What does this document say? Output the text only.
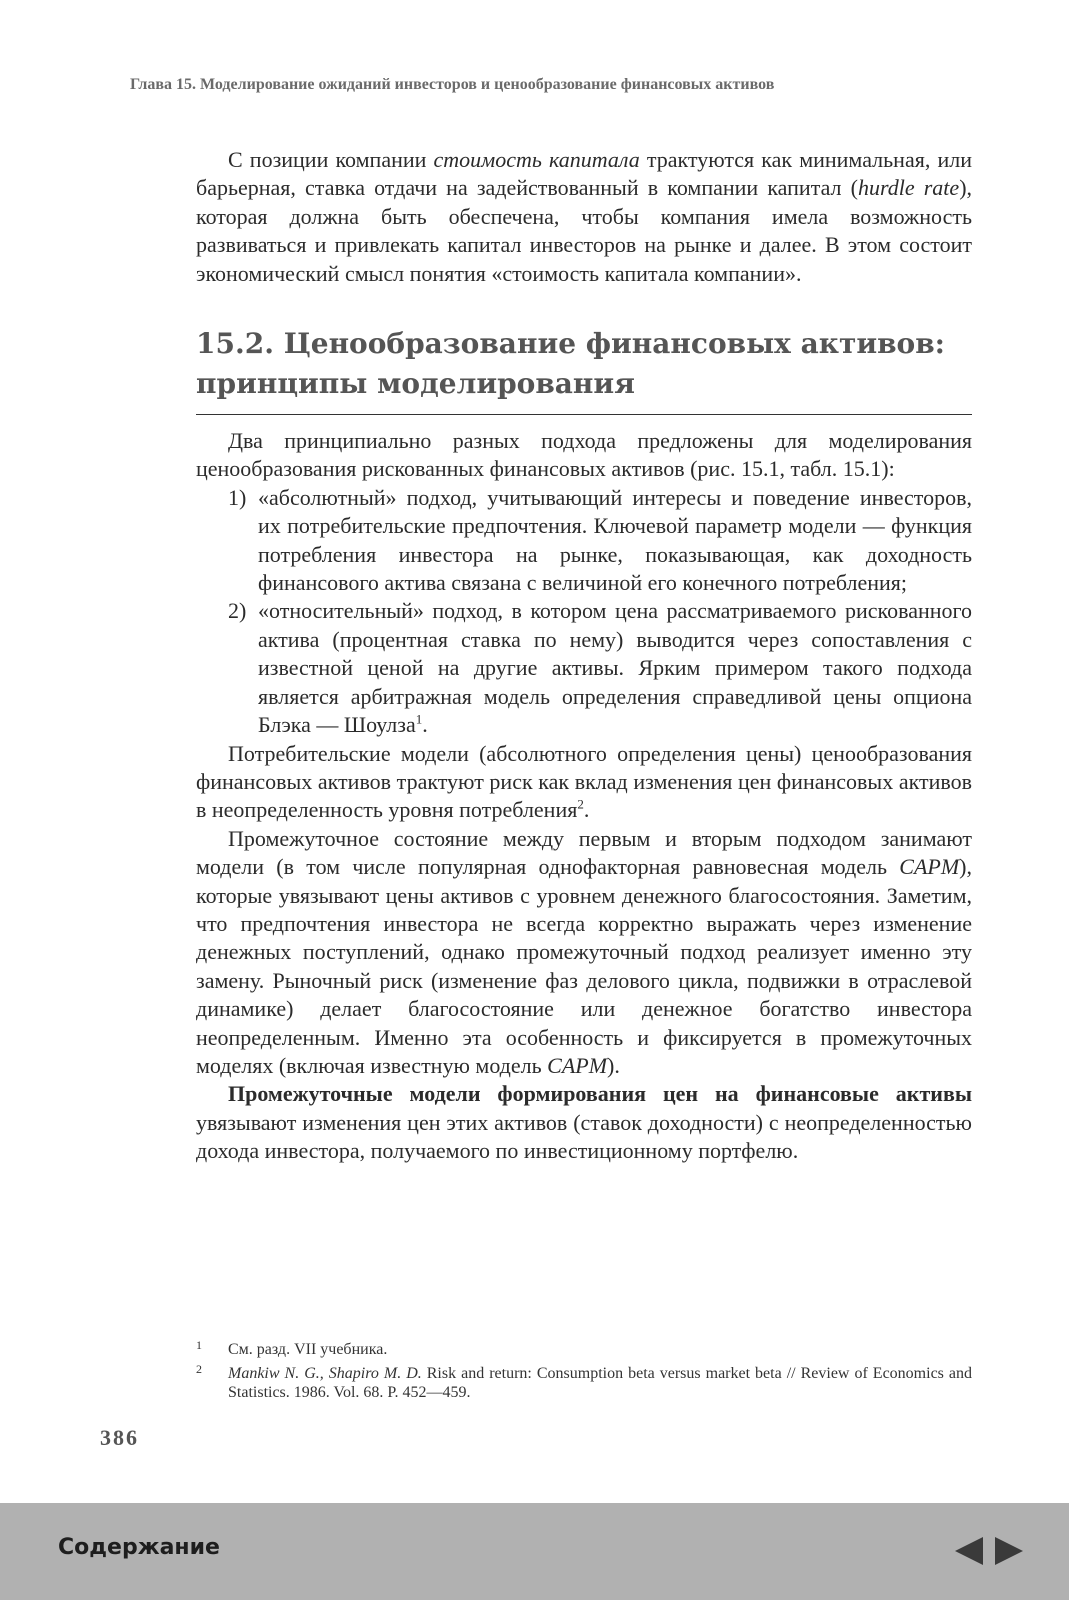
Глава 15. Моделирование ожиданий инвесторов и ценообразование финансовых активов

С позиции компании стоимость капитала трактуются как минимальная, или барьерная, ставка отдачи на задействованный в компании капитал (hurdle rate), которая должна быть обеспечена, чтобы компания имела возможность развиваться и привлекать капитал инвесторов на рынке и далее. В этом состоит экономический смысл понятия «стоимость капитала компании».

15.2. Ценообразование финансовых активов:
принципы моделирования

Два принципиально разных подхода предложены для моделирования ценообразования рискованных финансовых активов (рис. 15.1, табл. 15.1):

1) «абсолютный» подход, учитывающий интересы и поведение инвесторов, их потребительские предпочтения. Ключевой параметр модели — функция потребления инвестора на рынке, показывающая, как доходность финансового актива связана с величиной его конечного потребления;
2) «относительный» подход, в котором цена рассматриваемого рискованного актива (процентная ставка по нему) выводится через сопоставления с известной ценой на другие активы. Ярким примером такого подхода является арбитражная модель определения справедливой цены опциона Блэка — Шоулза$^1$.

Потребительские модели (абсолютного определения цены) ценообразования финансовых активов трактуют риск как вклад изменения цен финансовых активов в неопределенность уровня потребления$^2$.

Промежуточное состояние между первым и вторым подходом занимают модели (в том числе популярная однофакторная равновесная модель CAPM), которые увязывают цены активов с уровнем денежного благосостояния. Заметим, что предпочтения инвестора не всегда корректно выражать через изменение денежных поступлений, однако промежуточный подход реализует именно эту замену. Рыночный риск (изменение фаз делового цикла, подвижки в отраслевой динамике) делает благосостояние или денежное богатство инвестора неопределенным. Именно эта особенность и фиксируется в промежуточных моделях (включая известную модель CAPM).

Промежуточные модели формирования цен на финансовые активы увязывают изменения цен этих активов (ставок доходности) с неопределенностью дохода инвестора, получаемого по инвестиционному портфелю.

1 См. разд. VII учебника.
2 Mankiw N. G., Shapiro M. D. Risk and return: Consumption beta versus market beta // Review of Economics and Statistics. 1986. Vol. 68. P. 452—459.
386
Содержание
